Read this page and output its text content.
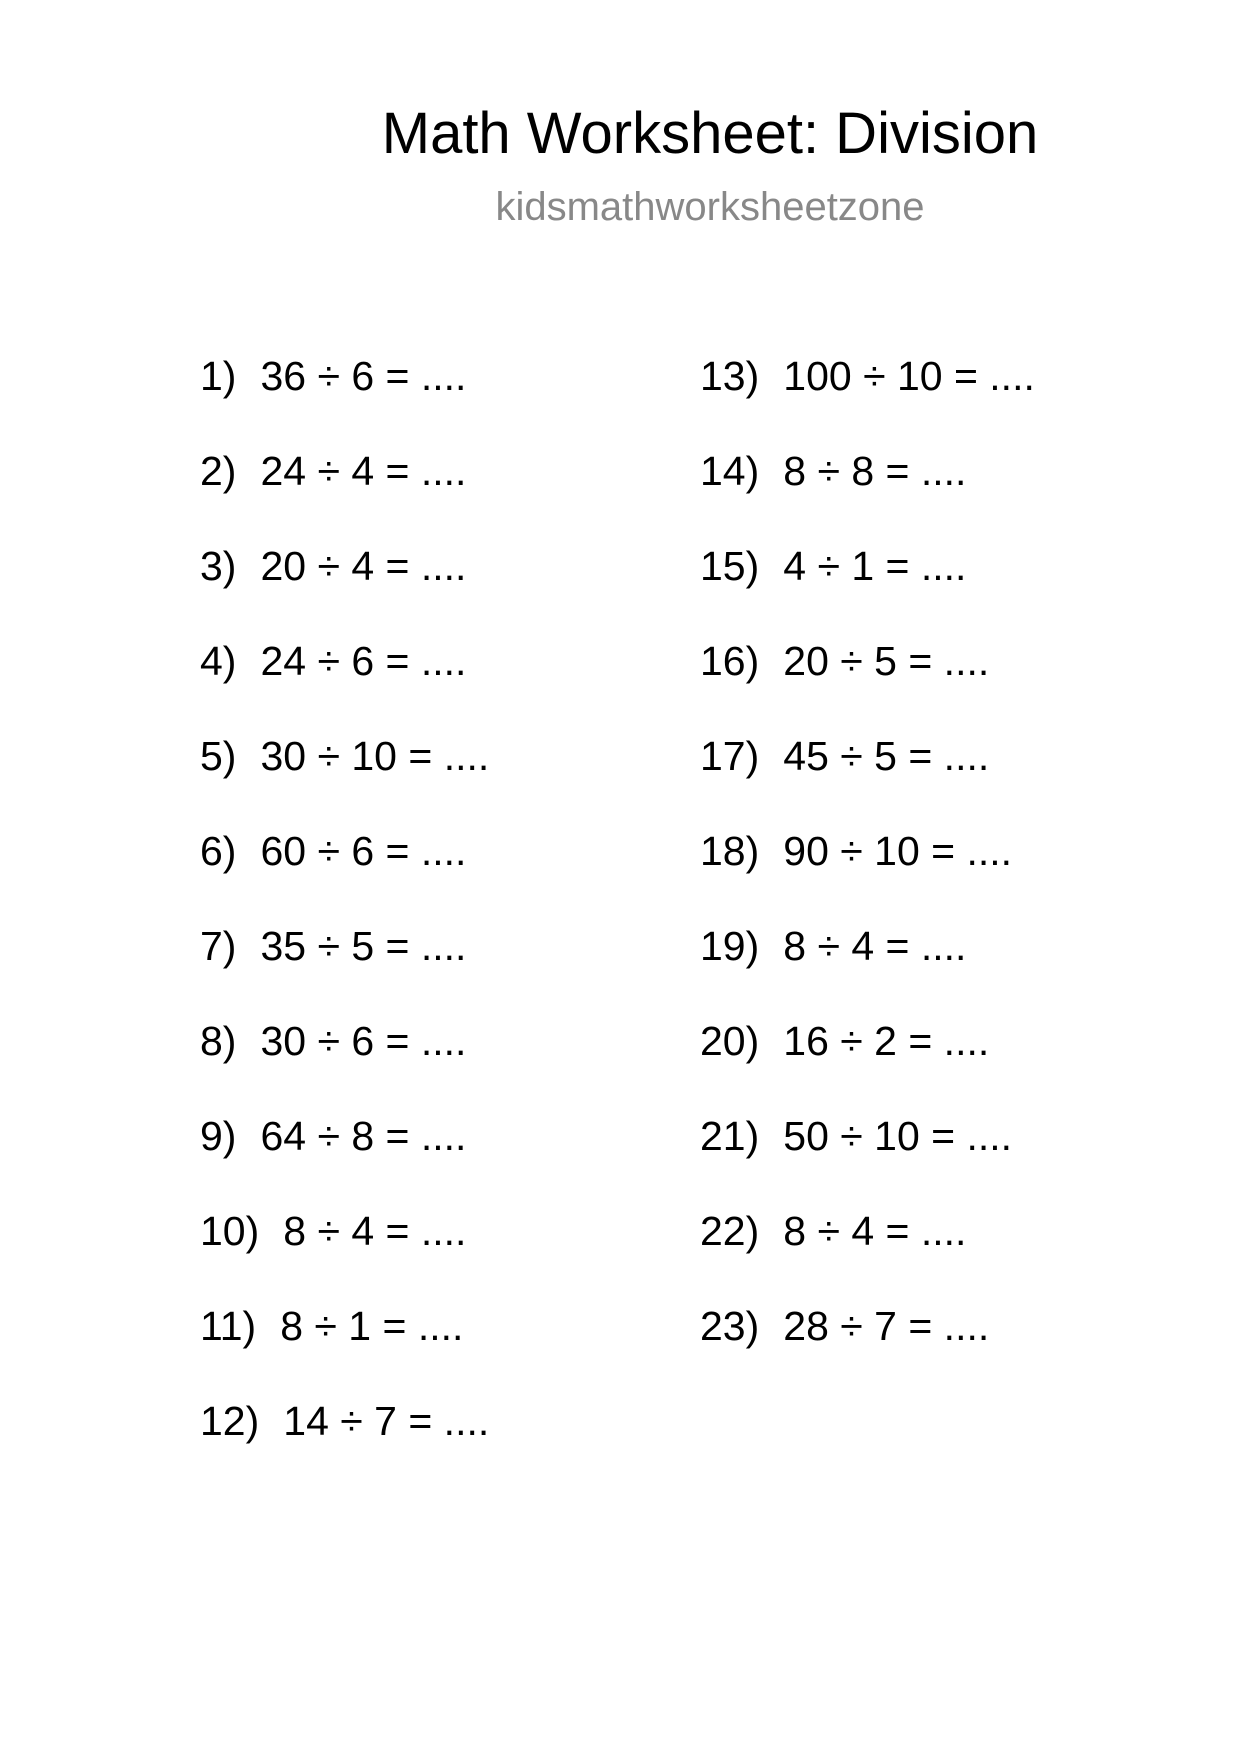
Math Worksheet: Division
kidsmathworksheetzone
1) 36 ÷ 6 = ....
2) 24 ÷ 4 = ....
3) 20 ÷ 4 = ....
4) 24 ÷ 6 = ....
5) 30 ÷ 10 = ....
6) 60 ÷ 6 = ....
7) 35 ÷ 5 = ....
8) 30 ÷ 6 = ....
9) 64 ÷ 8 = ....
10) 8 ÷ 4 = ....
11) 8 ÷ 1 = ....
12) 14 ÷ 7 = ....
13) 100 ÷ 10 = ....
14) 8 ÷ 8 = ....
15) 4 ÷ 1 = ....
16) 20 ÷ 5 = ....
17) 45 ÷ 5 = ....
18) 90 ÷ 10 = ....
19) 8 ÷ 4 = ....
20) 16 ÷ 2 = ....
21) 50 ÷ 10 = ....
22) 8 ÷ 4 = ....
23) 28 ÷ 7 = ....
